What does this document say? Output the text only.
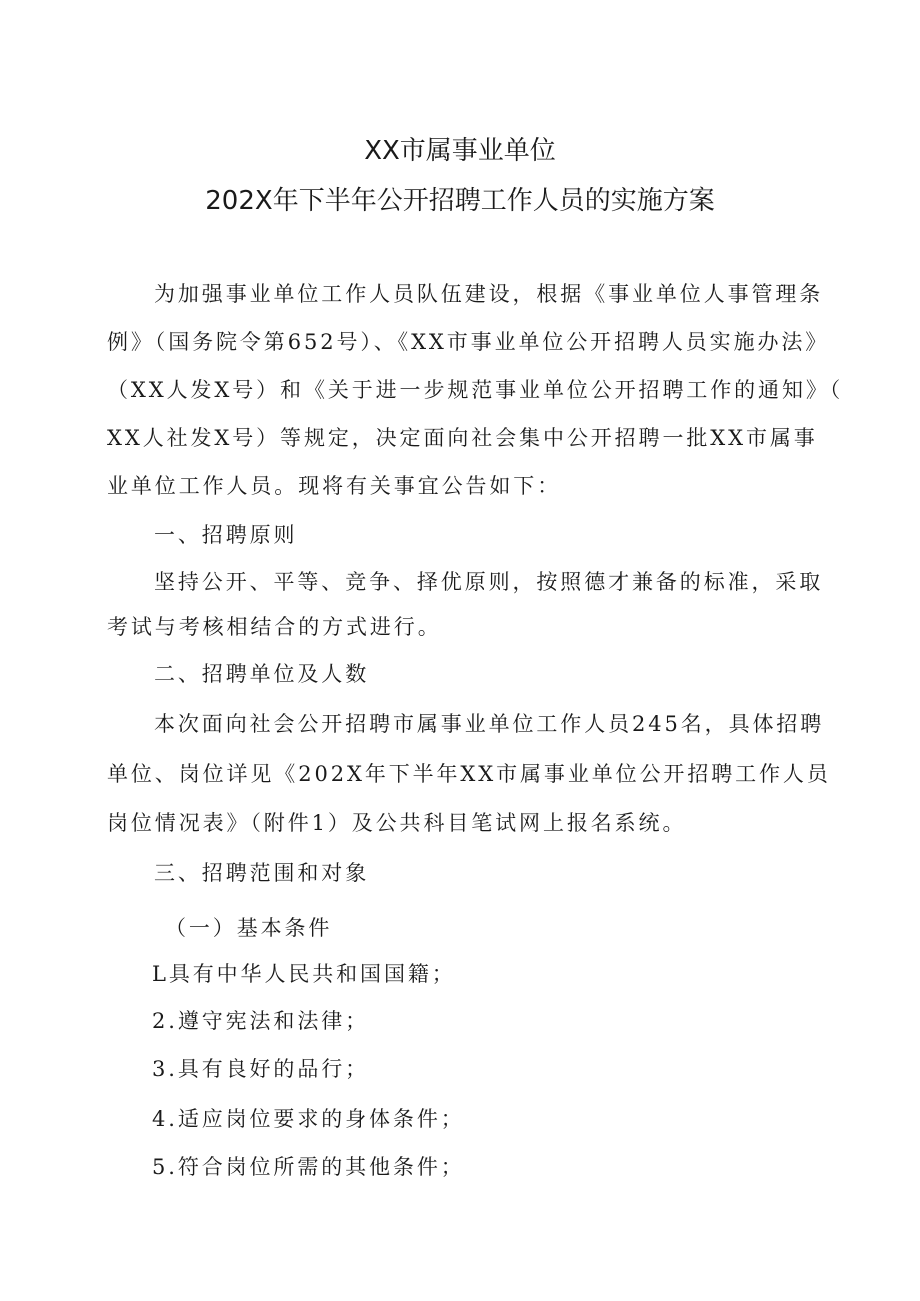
XX市属事业单位
202X年下半年公开招聘工作人员的实施方案
为加强事业单位工作人员队伍建设，根据《事业单位人事管理条
例》（国务院令第652号）、《XX市事业单位公开招聘人员实施办法》
（XX人发X号）和《关于进一步规范事业单位公开招聘工作的通知》（
XX人社发X号）等规定，决定面向社会集中公开招聘一批XX市属事
业单位工作人员。现将有关事宜公告如下：
一、招聘原则
坚持公开、平等、竞争、择优原则，按照德才兼备的标准，采取
考试与考核相结合的方式进行。
二、招聘单位及人数
本次面向社会公开招聘市属事业单位工作人员245名，具体招聘
单位、岗位详见《202X年下半年XX市属事业单位公开招聘工作人员
岗位情况表》（附件1）及公共科目笔试网上报名系统。
三、招聘范围和对象
（一）基本条件
L具有中华人民共和国国籍；
2.遵守宪法和法律；
3.具有良好的品行；
4.适应岗位要求的身体条件；
5.符合岗位所需的其他条件；
